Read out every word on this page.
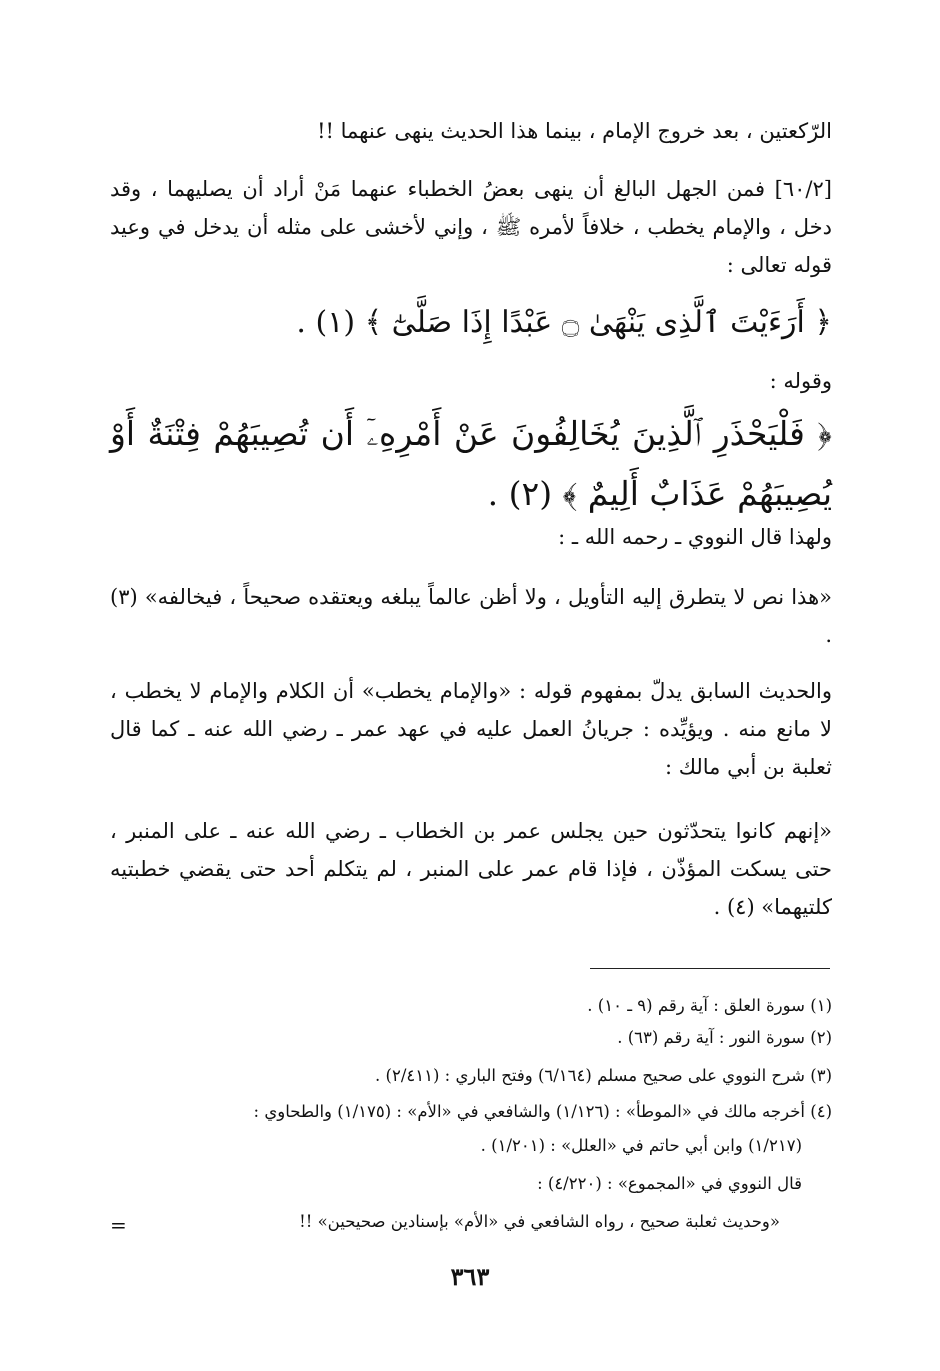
الرّكعتين ، بعد خروج الإمام ، بينما هذا الحديث ينهى عنهما !!

[٦٠/٢] فمن الجهل البالغ أن ينهى بعضُ الخطباء عنهما مَنْ أراد أن يصليهما ، وقد دخل ، والإمام يخطب ، خلافاً لأمره ﷺ ، وإني لأخشى على مثله أن يدخل في وعيد قوله تعالى :

﴿ أَرَءَيْتَ ٱلَّذِى يَنْهَىٰ ۝ عَبْدًا إِذَا صَلَّىٰٓ ﴾ (١) .

وقوله :

﴿ فَلْيَحْذَرِ ٱلَّذِينَ يُخَالِفُونَ عَنْ أَمْرِهِۦٓ أَن تُصِيبَهُمْ فِتْنَةٌ أَوْ يُصِيبَهُمْ عَذَابٌ أَلِيمٌ ﴾ (٢) .

ولهذا قال النووي ـ رحمه الله ـ :

«هذا نص لا يتطرق إليه التأويل ، ولا أظن عالماً يبلغه ويعتقده صحيحاً ، فيخالفه» (٣) .

والحديث السابق يدلّ بمفهوم قوله : «والإمام يخطب» أن الكلام والإمام لا يخطب ، لا مانع منه . ويؤيِّده : جريانُ العمل عليه في عهد عمر ـ رضي الله عنه ـ كما قال ثعلبة بن أبي مالك :

«إنهم كانوا يتحدّثون حين يجلس عمر بن الخطاب ـ رضي الله عنه ـ على المنبر ، حتى يسكت المؤذّن ، فإذا قام عمر على المنبر ، لم يتكلم أحد حتى يقضي خطبتيه كلتيهما» (٤) .

(١) سورة العلق : آية رقم (٩ ـ ١٠) .

(٢) سورة النور : آية رقم (٦٣) .

(٣) شرح النووي على صحيح مسلم (٦/١٦٤) وفتح الباري : (٢/٤١١) .

(٤) أخرجه مالك في «الموطأ» : (١/١٢٦) والشافعي في «الأم» : (١/١٧٥) والطحاوي :

(١/٢١٧) وابن أبي حاتم في «العلل» : (١/٢٠١) .

قال النووي في «المجموع» : (٤/٢٢٠) :

«وحديث ثعلبة صحيح ، رواه الشافعي في «الأم» بإسنادين صحيحين» !!

=
٣٦٣
